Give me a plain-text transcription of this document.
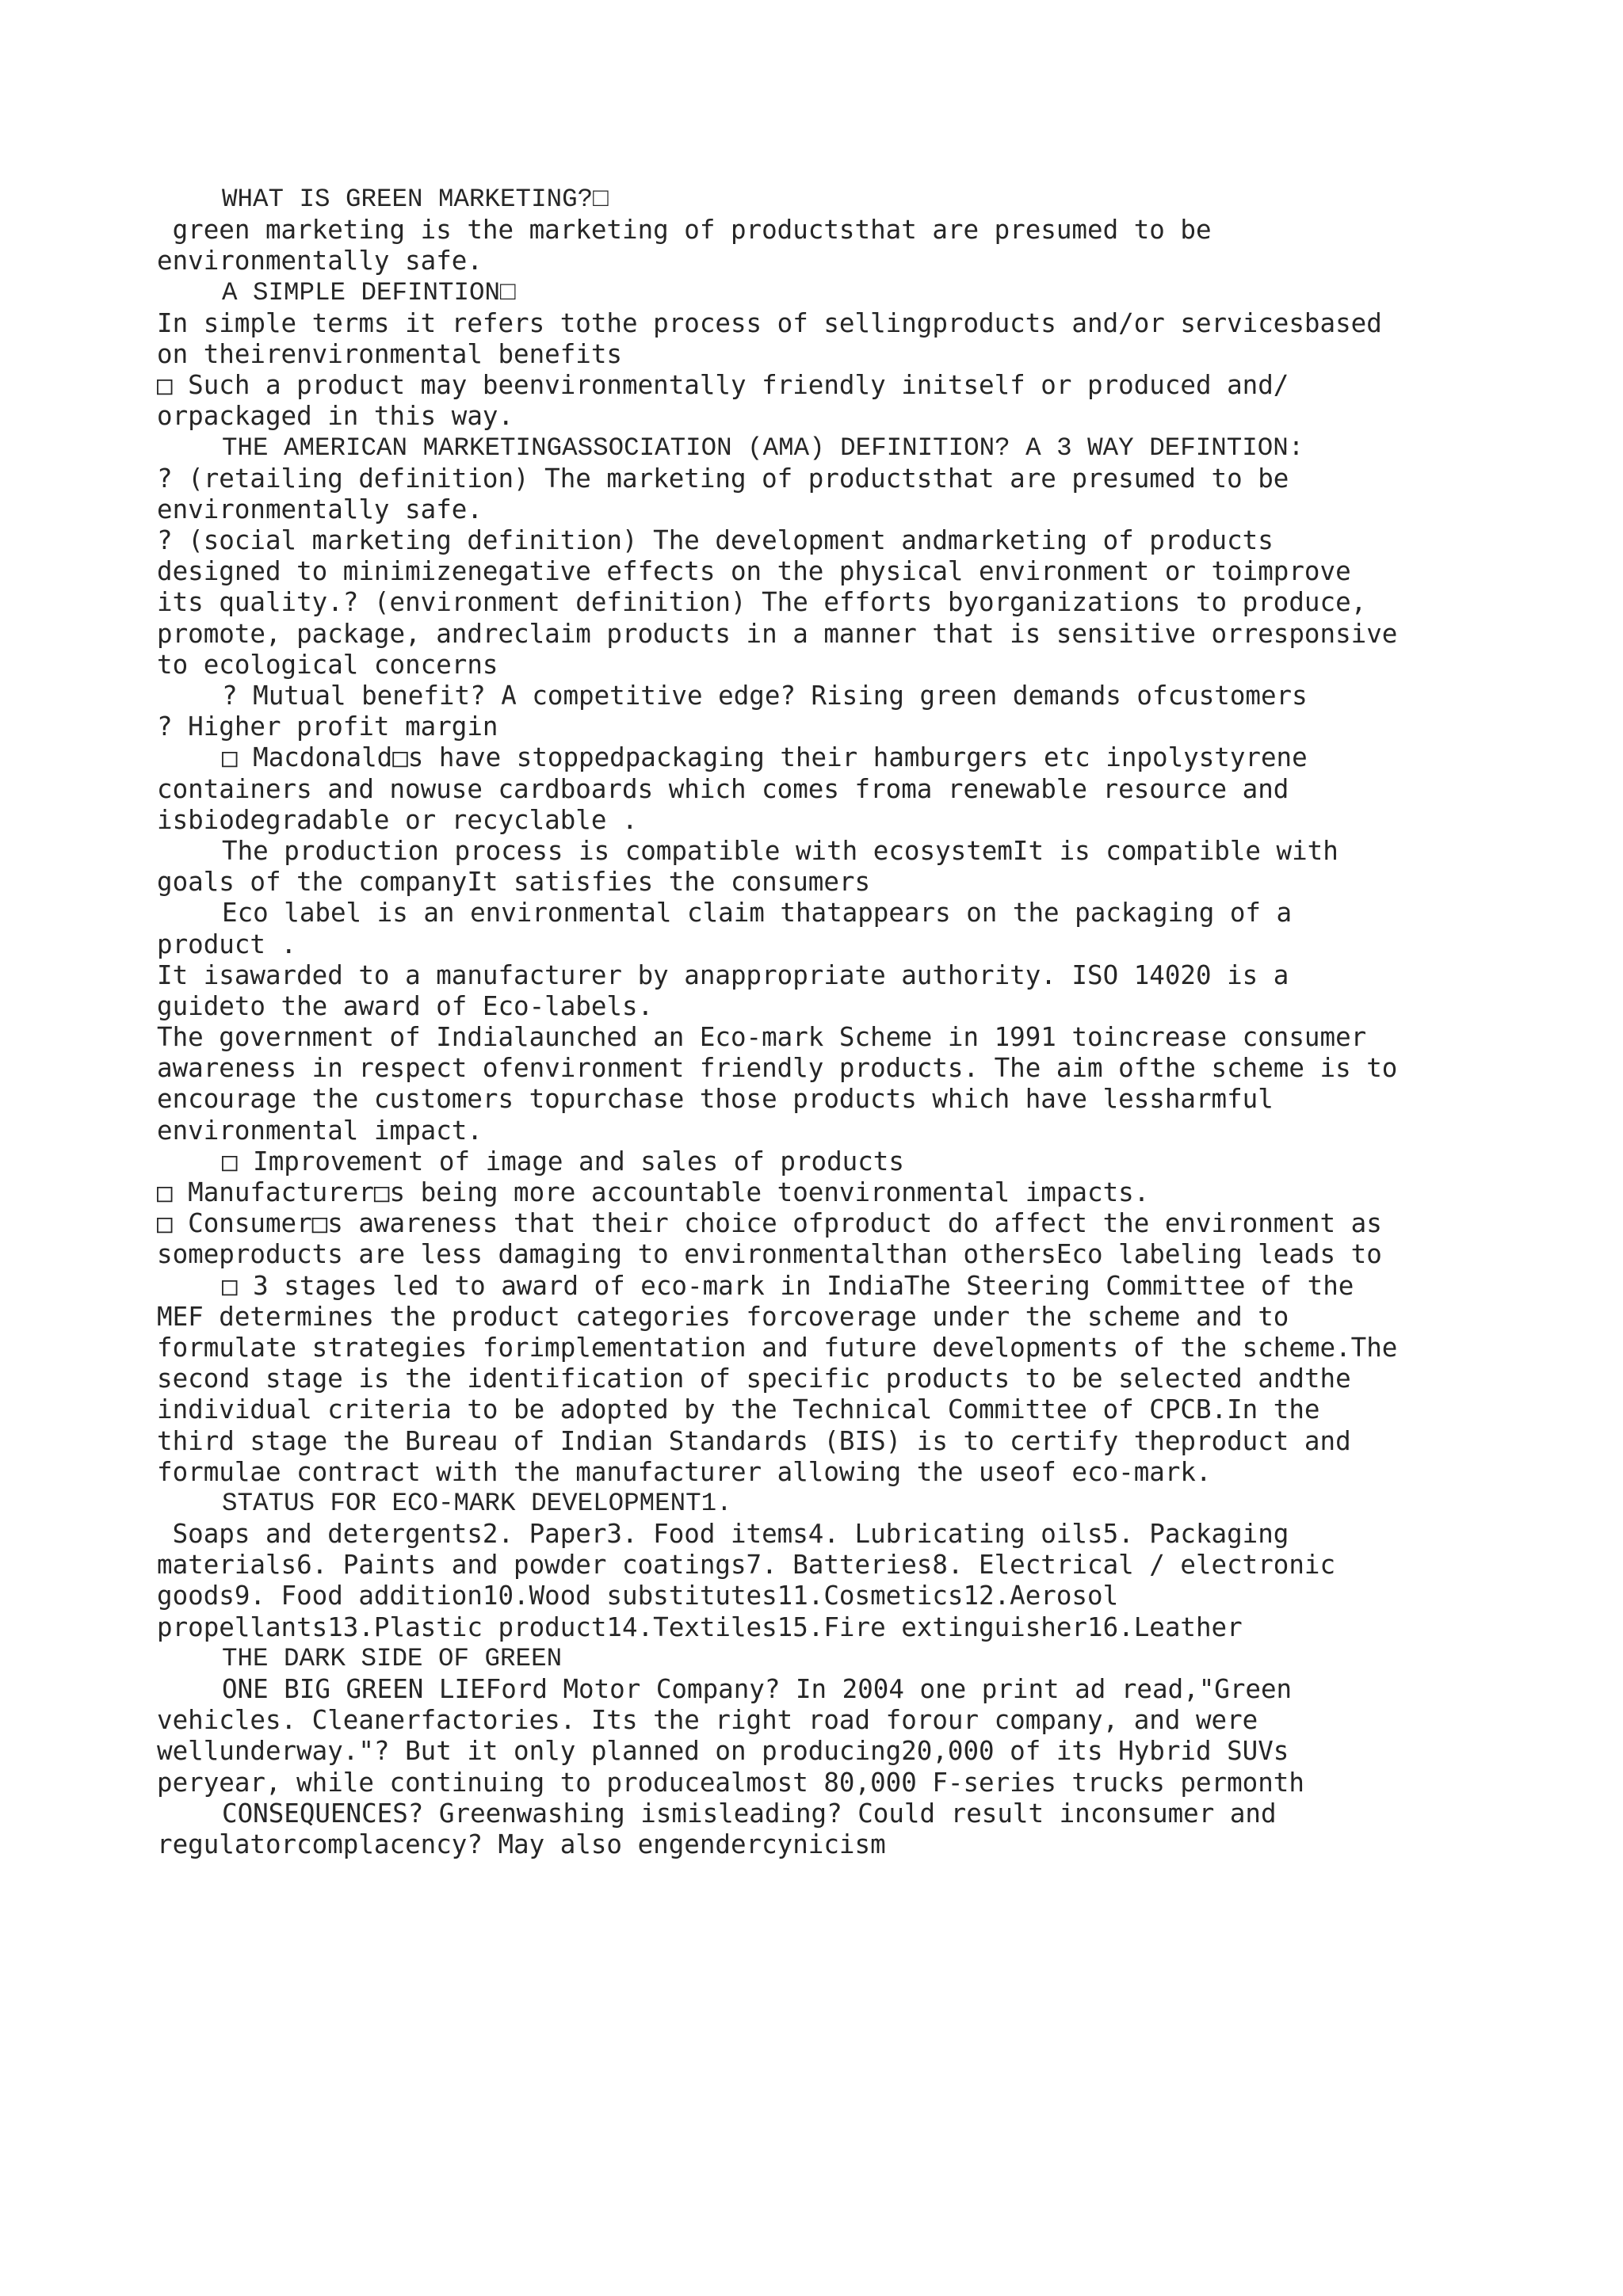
WHAT IS GREEN MARKETING?□
green marketing is the marketing of productsthat are presumed to be
environmentally safe.
A SIMPLE DEFINTION□
In simple terms it refers tothe process of sellingproducts and/or servicesbased
on theirenvironmental benefits
□ Such a product may beenvironmentally friendly initself or produced and/
orpackaged in this way.
THE AMERICAN MARKETINGASSOCIATION (AMA) DEFINITION? A 3 WAY DEFINTION:
? (retailing definition) The marketing of productsthat are presumed to be
environmentally safe.
? (social marketing definition) The development andmarketing of products
designed to minimizenegative effects on the physical environment or toimprove
its quality.? (environment definition) The efforts byorganizations to produce,
promote, package, andreclaim products in a manner that is sensitive orresponsive
to ecological concerns
? Mutual benefit? A competitive edge? Rising green demands ofcustomers
? Higher profit margin
□ Macdonald□s have stoppedpackaging their hamburgers etc inpolystyrene
containers and nowuse cardboards which comes froma renewable resource and
isbiodegradable or recyclable .
The production process is compatible with ecosystemIt is compatible with
goals of the companyIt satisfies the consumers
Eco label is an environmental claim thatappears on the packaging of a
product .
It isawarded to a manufacturer by anappropriate authority. ISO 14020 is a
guideto the award of Eco-labels.
The government of Indialaunched an Eco-mark Scheme in 1991 toincrease consumer
awareness in respect ofenvironment friendly products. The aim ofthe scheme is to
encourage the customers topurchase those products which have lessharmful
environmental impact.
□ Improvement of image and sales of products
□ Manufacturer□s being more accountable toenvironmental impacts.
□ Consumer□s awareness that their choice ofproduct do affect the environment as
someproducts are less damaging to environmentalthan othersEco labeling leads to
□ 3 stages led to award of eco-mark in IndiaThe Steering Committee of the
MEF determines the product categories forcoverage under the scheme and to
formulate strategies forimplementation and future developments of the scheme.The
second stage is the identification of specific products to be selected andthe
individual criteria to be adopted by the Technical Committee of CPCB.In the
third stage the Bureau of Indian Standards (BIS) is to certify theproduct and
formulae contract with the manufacturer allowing the useof eco-mark.
STATUS FOR ECO-MARK DEVELOPMENT1.
Soaps and detergents2. Paper3. Food items4. Lubricating oils5. Packaging
materials6. Paints and powder coatings7. Batteries8. Electrical / electronic
goods9. Food addition10.Wood substitutes11.Cosmetics12.Aerosol
propellants13.Plastic product14.Textiles15.Fire extinguisher16.Leather
THE DARK SIDE OF GREEN
ONE BIG GREEN LIEFord Motor Company? In 2004 one print ad read,"Green
vehicles. Cleanerfactories. Its the right road forour company, and were
wellunderway."? But it only planned on producing20,000 of its Hybrid SUVs
peryear, while continuing to producealmost 80,000 F-series trucks permonth
CONSEQUENCES? Greenwashing ismisleading? Could result inconsumer and
regulatorcomplacency? May also engendercynicism
